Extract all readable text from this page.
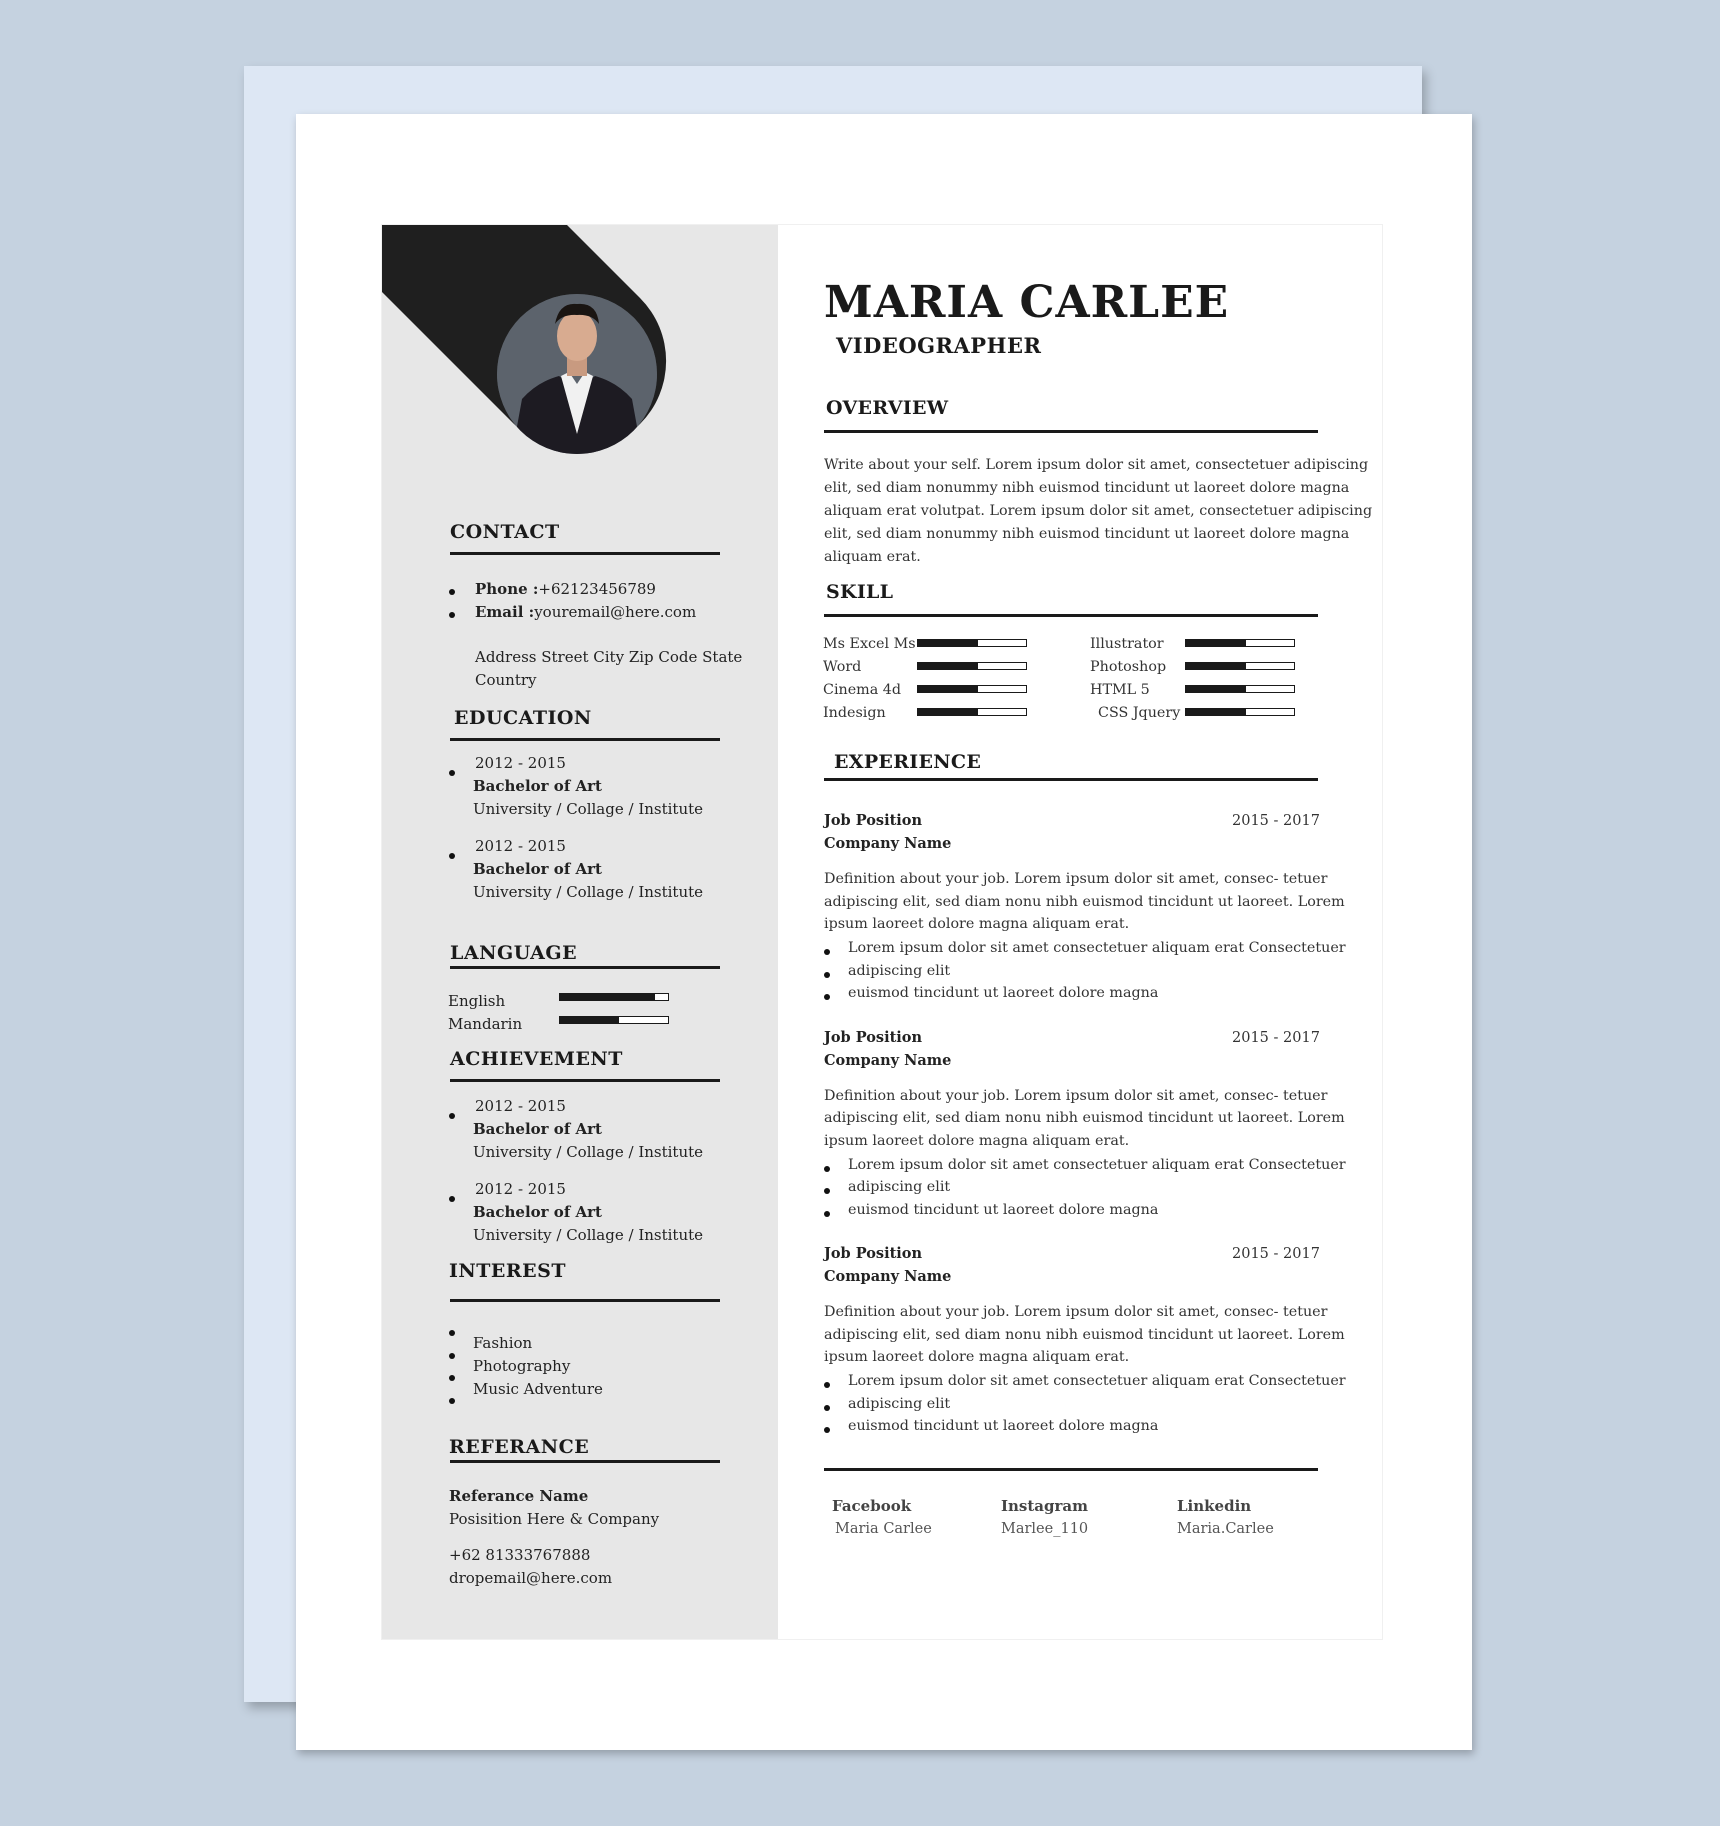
CONTACT
Phone :+62123456789
Email :youremail@here.com
Address Street City Zip Code State
Country
EDUCATION
2012 - 2015
Bachelor of Art
University / Collage / Institute
2012 - 2015
Bachelor of Art
University / Collage / Institute
LANGUAGE
English
Mandarin
ACHIEVEMENT
2012 - 2015
Bachelor of Art
University / Collage / Institute
2012 - 2015
Bachelor of Art
University / Collage / Institute
INTEREST
Fashion
Photography
Music Adventure
REFERANCE
Referance Name
Posisition Here & Company
+62 81333767888
dropemail@here.com
MARIA CARLEE
VIDEOGRAPHER
OVERVIEW
Write about your self. Lorem ipsum dolor sit amet, consectetuer adipiscing
elit, sed diam nonummy nibh euismod tincidunt ut laoreet dolore magna
aliquam erat volutpat. Lorem ipsum dolor sit amet, consectetuer adipiscing
elit, sed diam nonummy nibh euismod tincidunt ut laoreet dolore magna
aliquam erat.
SKILL
Ms Excel Ms
Word
Cinema 4d
Indesign
Illustrator
Photoshop
HTML 5
CSS Jquery
EXPERIENCE
Job Position	2015 - 2017
Company Name
Definition about your job. Lorem ipsum dolor sit amet, consec- tetuer
adipiscing elit, sed diam nonu nibh euismod tincidunt ut laoreet. Lorem
ipsum laoreet dolore magna aliquam erat.
Lorem ipsum dolor sit amet consectetuer aliquam erat Consectetuer
adipiscing elit
euismod tincidunt ut laoreet dolore magna
Job Position	2015 - 2017
Company Name
Definition about your job. Lorem ipsum dolor sit amet, consec- tetuer
adipiscing elit, sed diam nonu nibh euismod tincidunt ut laoreet. Lorem
ipsum laoreet dolore magna aliquam erat.
Lorem ipsum dolor sit amet consectetuer aliquam erat Consectetuer
adipiscing elit
euismod tincidunt ut laoreet dolore magna
Job Position	2015 - 2017
Company Name
Definition about your job. Lorem ipsum dolor sit amet, consec- tetuer
adipiscing elit, sed diam nonu nibh euismod tincidunt ut laoreet. Lorem
ipsum laoreet dolore magna aliquam erat.
Lorem ipsum dolor sit amet consectetuer aliquam erat Consectetuer
adipiscing elit
euismod tincidunt ut laoreet dolore magna
Facebook
Maria Carlee
Instagram
Marlee_110
Linkedin
Maria.Carlee
